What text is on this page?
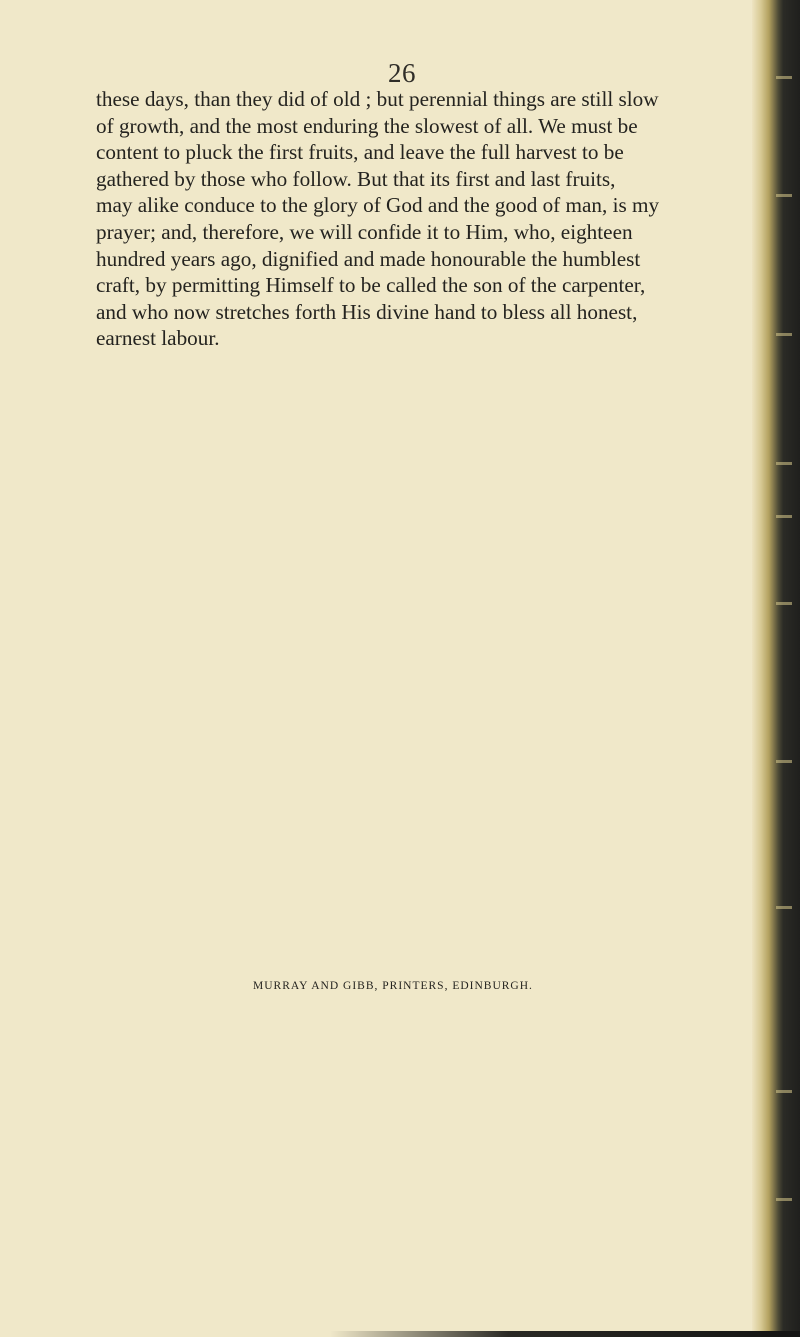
26
these days, than they did of old ; but perennial things are still slow
of growth, and the most enduring the slowest of all. We must be
content to pluck the first fruits, and leave the full harvest to be
gathered by those who follow. But that its first and last fruits,
may alike conduce to the glory of God and the good of man, is my
prayer; and, therefore, we will confide it to Him, who, eighteen
hundred years ago, dignified and made honourable the humblest
craft, by permitting Himself to be called the son of the carpenter,
and who now stretches forth His divine hand to bless all honest,
earnest labour.
MURRAY AND GIBB, PRINTERS, EDINBURGH.
